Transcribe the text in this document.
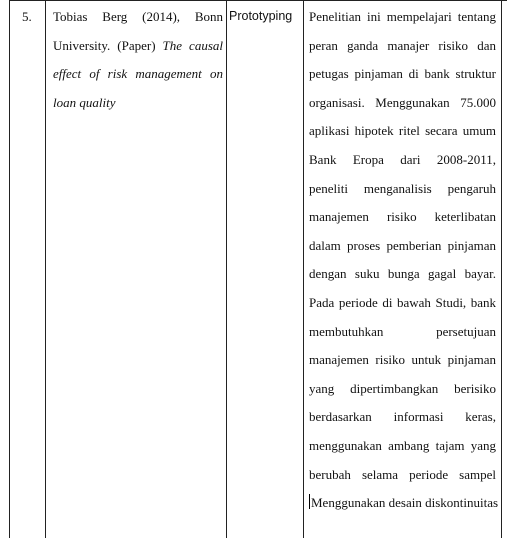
5. Tobias Berg (2014), Bonn
University. (Paper) The causal
effect of risk management on
loan quality
Prototyping Penelitian ini mempelajari tentang
peran ganda manajer risiko dan
petugas pinjaman di bank struktur
organisasi. Menggunakan 75.000
aplikasi hipotek ritel secara umum
Bank Eropa dari 2008-2011,
peneliti menganalisis pengaruh
manajemen risiko keterlibatan
dalam proses pemberian pinjaman
dengan suku bunga gagal bayar.
Pada periode di bawah Studi, bank
membutuhkan persetujuan
manajemen risiko untuk pinjaman
yang dipertimbangkan berisiko
berdasarkan informasi keras,
menggunakan ambang tajam yang
berubah selama periode sampel
Menggunakan desain diskontinuitas
